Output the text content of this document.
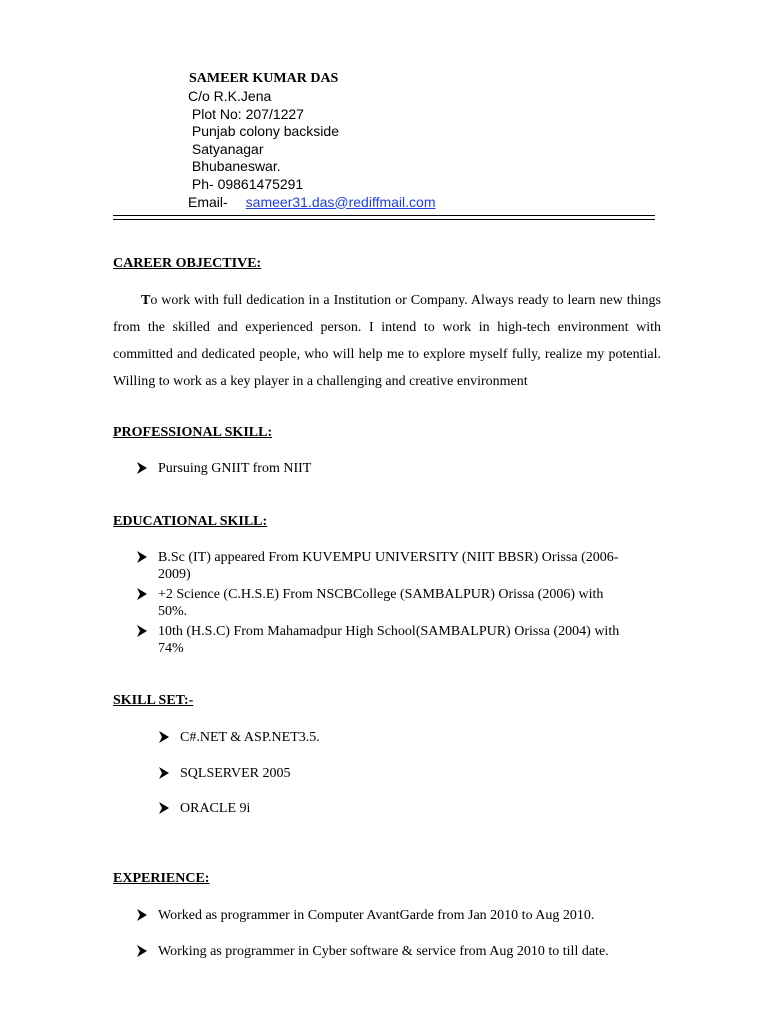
SAMEER KUMAR DAS
C/o R.K.Jena
Plot No: 207/1227
Punjab colony backside
Satyanagar
Bhubaneswar.
Ph- 09861475291
Email- sameer31.das@rediffmail.com
CAREER OBJECTIVE:
To work with full dedication in a Institution or Company. Always ready to learn new things from the skilled and experienced person. I intend to work in high-tech environment with committed and dedicated people, who will help me to explore myself fully, realize my potential. Willing to work as a key player in a challenging and creative environment
PROFESSIONAL SKILL:
Pursuing GNIIT from NIIT
EDUCATIONAL SKILL:
B.Sc (IT) appeared From KUVEMPU UNIVERSITY (NIIT BBSR) Orissa (2006-
2009)
+2 Science (C.H.S.E) From NSCBCollege (SAMBALPUR) Orissa (2006) with
50%.
10th (H.S.C) From Mahamadpur High School(SAMBALPUR) Orissa (2004) with
74%
SKILL SET:-
C#.NET & ASP.NET3.5.
SQLSERVER 2005
ORACLE 9i
EXPERIENCE:
Worked as programmer in Computer AvantGarde from Jan 2010 to Aug 2010.
Working as programmer in Cyber software & service from Aug 2010 to till date.
